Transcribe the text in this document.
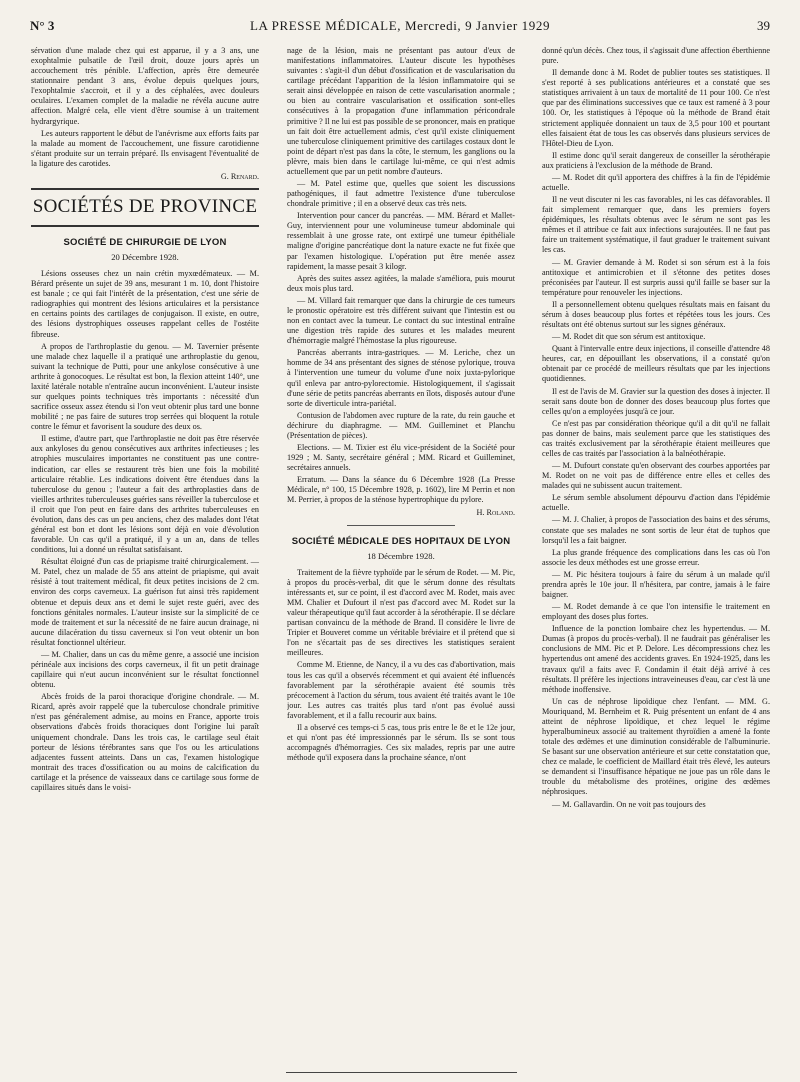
N° 3	LA PRESSE MÉDICALE, Mercredi, 9 Janvier 1929	39

sérvation d'une malade chez qui est apparue, il y a 3 ans, une exophtalmie pulsatile de l'œil droit, douze jours après un accouchement très pénible. L'affection, après être demeurée stationnaire pendant 3 ans, évolue depuis quelques jours, l'exophtalmie s'accroit, et il y a des céphalées, avec douleurs oculaires. L'examen complet de la maladie ne révéla aucune autre affection. Malgré cela, elle vient d'être soumise à un traitement hydrargyrique.

Les auteurs rapportent le début de l'anévrisme aux efforts faits par la malade au moment de l'accouchement, une fissure carotidienne s'étant produite sur un terrain préparé. Ils envisagent l'éventualité de la ligature des carotides.

G. Renard.

SOCIÉTÉS DE PROVINCE
SOCIÉTÉ DE CHIRURGIE DE LYON
20 Décembre 1928.

Lésions osseuses chez un nain crétin myxœdémateux. — M. Bérard présente un sujet de 39 ans, mesurant 1 m. 10, dont l'histoire est banale ; ce qui fait l'intérêt de la présentation, c'est une série de radiographies qui montrent des lésions articulaires et la persistance en certains points des cartilages de conjugaison. Il existe, en outre, des lésions dystrophiques osseuses rappelant celles de l'ostéite fibreuse.

A propos de l'arthroplastie du genou. — M. Tavernier présente une malade chez laquelle il a pratiqué une arthroplastie du genou, suivant la technique de Putti, pour une ankylose consécutive à une arthrite à gonocoques. Le résultat est bon, la flexion atteint 140°, une laxité latérale notable n'entraîne aucun inconvénient. L'auteur insiste sur quelques points techniques très importants : nécessité d'un sacrifice osseux assez étendu si l'on veut obtenir plus tard une bonne mobilité ; ne pas faire de sutures trop serrées qui bloquent la rotule contre le fémur et favorisent la soudure des deux os.

Il estime, d'autre part, que l'arthroplastie ne doit pas être réservée aux ankyloses du genou consécutives aux arthrites infectieuses ; les atrophies musculaires importantes ne constituent pas une contre-indication, car elles se restaurent très bien une fois la mobilité articulaire rétablie. Les indications doivent être étendues dans la tuberculose du genou ; l'auteur a fait des arthroplasties dans de vieilles arthrites tuberculeuses guéries sans réveiller la tuberculose et il croit que l'on peut en faire dans des arthrites tuberculeuses en évolution, dans des cas un peu anciens, chez des malades dont l'état général est bon et dont les lésions sont déjà en voie d'évolution favorable. Un cas qu'il a pratiqué, il y a un an, dans de telles conditions, lui a donné un résultat satisfaisant.

Résultat éloigné d'un cas de priapisme traité chirurgicalement. — M. Patel, chez un malade de 55 ans atteint de priapisme, qui avait résisté à tout traitement médical, fit deux petites incisions de 2 cm. environ des corps caverneux. La guérison fut ainsi très rapidement obtenue et depuis deux ans et demi le sujet reste guéri, avec des fonctions génitales normales. L'auteur insiste sur la simplicité de ce mode de traitement et sur la nécessité de ne faire aucun drainage, ni aucune dilacération du tissu caverneux si l'on veut obtenir un bon résultat fonctionnel ultérieur.

— M. Chalier, dans un cas du même genre, a associé une incision périnéale aux incisions des corps caverneux, il fit un petit drainage capillaire qui n'eut aucun inconvénient sur le résultat fonctionnel obtenu.

Abcès froids de la paroi thoracique d'origine chondrale. — M. Ricard, après avoir rappelé que la tuberculose chondrale primitive n'est pas généralement admise, au moins en France, apporte trois observations d'abcès froids thoraciques dont l'origine lui paraît uniquement chondrale. Dans les trois cas, le cartilage seul était porteur de lésions térébrantes sans que l'os ou les articulations adjacentes fussent atteints. Dans un cas, l'examen histologique montrait des traces d'ossification ou au moins de calcification du cartilage et la présence de vaisseaux dans ce cartilage sous forme de capillaires situés dans le voisi-

nage de la lésion, mais ne présentant pas autour d'eux de manifestations inflammatoires. L'auteur discute les hypothèses suivantes : s'agit-il d'un début d'ossification et de vascularisation du cartilage précédant l'apparition de la lésion inflammatoire qui se serait ainsi développée en raison de cette vascularisation anormale ; ou bien au contraire vascularisation et ossification sont-elles consécutives à la propagation d'une inflammation péricondrale primitive ? Il ne lui est pas possible de se prononcer, mais en pratique un fait doit être actuellement admis, c'est qu'il existe cliniquement une tuberculose cliniquement primitive des cartilages costaux dont le point de départ n'est pas dans la côte, le sternum, les ganglions ou la plèvre, mais bien dans le cartilage lui-même, ce qui n'est admis actuellement que par un petit nombre d'auteurs.

— M. Patel estime que, quelles que soient les discussions pathogéniques, il faut admettre l'existence d'une tuberculose chondrale primitive ; il en a observé deux cas très nets.

Intervention pour cancer du pancréas. — MM. Bérard et Mallet-Guy, interviennent pour une volumineuse tumeur abdominale qui ressemblait à une grosse rate, ont extirpé une tumeur épithéliale maligne d'origine pancréatique dont la nature exacte ne fut fixée que par l'examen histologique. L'opération put être menée assez rapidement, la masse pesait 3 kilogr.

Après des suites assez agitées, la malade s'améliora, puis mourut deux mois plus tard.

— M. Villard fait remarquer que dans la chirurgie de ces tumeurs le pronostic opératoire est très différent suivant que l'intestin est ou non en contact avec la tumeur. Le contact du suc intestinal entraîne une digestion très rapide des sutures et les malades meurent d'hémorragie malgré l'hémostase la plus rigoureuse.

Pancréas aberrants intra-gastriques. — M. Leriche, chez un homme de 34 ans présentant des signes de sténose pylorique, trouva à l'intervention une tumeur du volume d'une noix juxta-pylorique qu'il enleva par antro-pylorectomie. Histologiquement, il s'agissait d'une série de petits pancréas aberrants en îlots, disposés autour d'une sorte de diverticule intra-pariétal.

Contusion de l'abdomen avec rupture de la rate, du rein gauche et déchirure du diaphragme. — MM. Guilleminet et Planchu (Présentation de pièces).

Elections. — M. Tixier est élu vice-président de la Société pour 1929 ; M. Santy, secrétaire général ; MM. Ricard et Guilleminet, secrétaires annuels.

Erratum. — Dans la séance du 6 Décembre 1928 (La Presse Médicale, n° 100, 15 Décembre 1928, p. 1602), lire M Perrin et non M. Perrier, à propos de la sténose hypertrophique du pylore.

H. Roland.

SOCIÉTÉ MÉDICALE DES HOPITAUX DE LYON
18 Décembre 1928.

Traitement de la fièvre typhoïde par le sérum de Rodet. — M. Pic, à propos du procès-verbal, dit que le sérum donne des résultats intéressants et, sur ce point, il est d'accord avec M. Rodet, mais avec MM. Chalier et Dufourt il n'est pas d'accord avec M. Rodet sur la valeur thérapeutique qu'il faut accorder à la sérothérapie. Il se déclare partisan convaincu de la méthode de Brand. Il considère le livre de Tripier et Bouveret comme un véritable bréviaire et il prétend que si l'on ne s'écartait pas de ses directives les statistiques seraient meilleures.

Comme M. Etienne, de Nancy, il a vu des cas d'abortivation, mais tous les cas qu'il a observés récemment et qui avaient été influencés favorablement par la sérothérapie avaient été soumis très précocement à l'action du sérum, tous avaient été traités avant le 10e jour. Les autres cas traités plus tard n'ont pas évolué aussi favorablement, et il a fallu recourir aux bains.

Il a observé ces temps-ci 5 cas, tous pris entre le 8e et le 12e jour, et qui n'ont pas été impressionnés par le sérum. Ils se sont tous accompagnés d'hémorragies. Ces six malades, repris par une autre méthode qu'il exposera dans la prochaine séance, n'ont

donné qu'un décès. Chez tous, il s'agissait d'une affection éberthienne pure.

Il demande donc à M. Rodet de publier toutes ses statistiques. Il s'est reporté à ses publications antérieures et a constaté que ses statistiques arrivaient à un taux de mortalité de 11 pour 100. Ce n'est que par des éliminations successives que ce taux est ramené à 3 pour 100. Or, les statistiques à l'époque où la méthode de Brand était strictement appliquée donnaient un taux de 3,5 pour 100 et pourtant elles faisaient état de tous les cas observés dans plusieurs services de l'Hôtel-Dieu de Lyon.

Il estime donc qu'il serait dangereux de conseiller la sérothérapie aux praticiens à l'exclusion de la méthode de Brand.

— M. Rodet dit qu'il apportera des chiffres à la fin de l'épidémie actuelle.

Il ne veut discuter ni les cas favorables, ni les cas défavorables. Il fait simplement remarquer que, dans les premiers foyers épidémiques, les résultats obtenus avec le sérum ne sont pas les mêmes et il attribue ce fait aux infections surajoutées. Il ne faut pas faire un traitement systématique, il faut graduer le traitement suivant les cas.

— M. Gravier demande à M. Rodet si son sérum est à la fois antitoxique et antimicrobien et il s'étonne des petites doses préconisées par l'auteur. Il est surpris aussi qu'il faille se baser sur la température pour renouveler les injections.

Il a personnellement obtenu quelques résultats mais en faisant du sérum à doses beaucoup plus fortes et répétées tous les jours. Ces résultats ont été obtenus surtout sur les signes généraux.

— M. Rodet dit que son sérum est antitoxique.

Quant à l'intervalle entre deux injections, il conseille d'attendre 48 heures, car, en dépouillant les observations, il a constaté qu'on obtenait par ce procédé de meilleurs résultats que par les injections quotidiennes.

Il est de l'avis de M. Gravier sur la question des doses à injecter. Il serait sans doute bon de donner des doses beaucoup plus fortes que celles qu'on a employées jusqu'à ce jour.

Ce n'est pas par considération théorique qu'il a dit qu'il ne fallait pas donner de bains, mais seulement parce que les statistiques des cas traités exclusivement par la sérothérapie étaient meilleures que celles de cas traités par l'association à la balnéothérapie.

— M. Dufourt constate qu'en observant des courbes apportées par M. Rodet on ne voit pas de différence entre elles et celles des malades qui ne subissent aucun traitement.

Le sérum semble absolument dépourvu d'action dans l'épidémie actuelle.

— M. J. Chalier, à propos de l'association des bains et des sérums, constate que ses malades ne sont sortis de leur état de tuphos que lorsqu'il les a fait baigner.

La plus grande fréquence des complications dans les cas où l'on associe les deux méthodes est une grosse erreur.

— M. Pic hésitera toujours à faire du sérum à un malade qu'il prendra après le 10e jour. Il n'hésitera, par contre, jamais à le faire baigner.

— M. Rodet demande à ce que l'on intensifie le traitement en employant des doses plus fortes.

Influence de la ponction lombaire chez les hypertendus. — M. Dumas (à propos du procès-verbal). Il ne faudrait pas généraliser les conclusions de MM. Pic et P. Delore. Les décompressions chez les hypertendus ont amené des accidents graves. En 1924-1925, dans les travaux qu'il a faits avec F. Condamin il était déjà arrivé à ces résultats. Il préfère les injections intraveineuses d'eau, car c'est là une méthode inoffensive.

Un cas de néphrose lipoïdique chez l'enfant. — MM. G. Mouriquand, M. Bernheim et R. Puig présentent un enfant de 4 ans atteint de néphrose lipoïdique, et chez lequel le régime hyperalbumineux associé au traitement thyroïdien a amené la fonte totale des œdèmes et une diminution considérable de l'albuminurie. Se basant sur une observation antérieure et sur cette constatation que, chez ce malade, le coefficient de Maillard était très élevé, les auteurs se demandent si l'insuffisance hépatique ne joue pas un rôle dans le trouble du métabolisme des protéines, origine des œdèmes néphrosiques.

— M. Gallavardin. On ne voit pas toujours des
